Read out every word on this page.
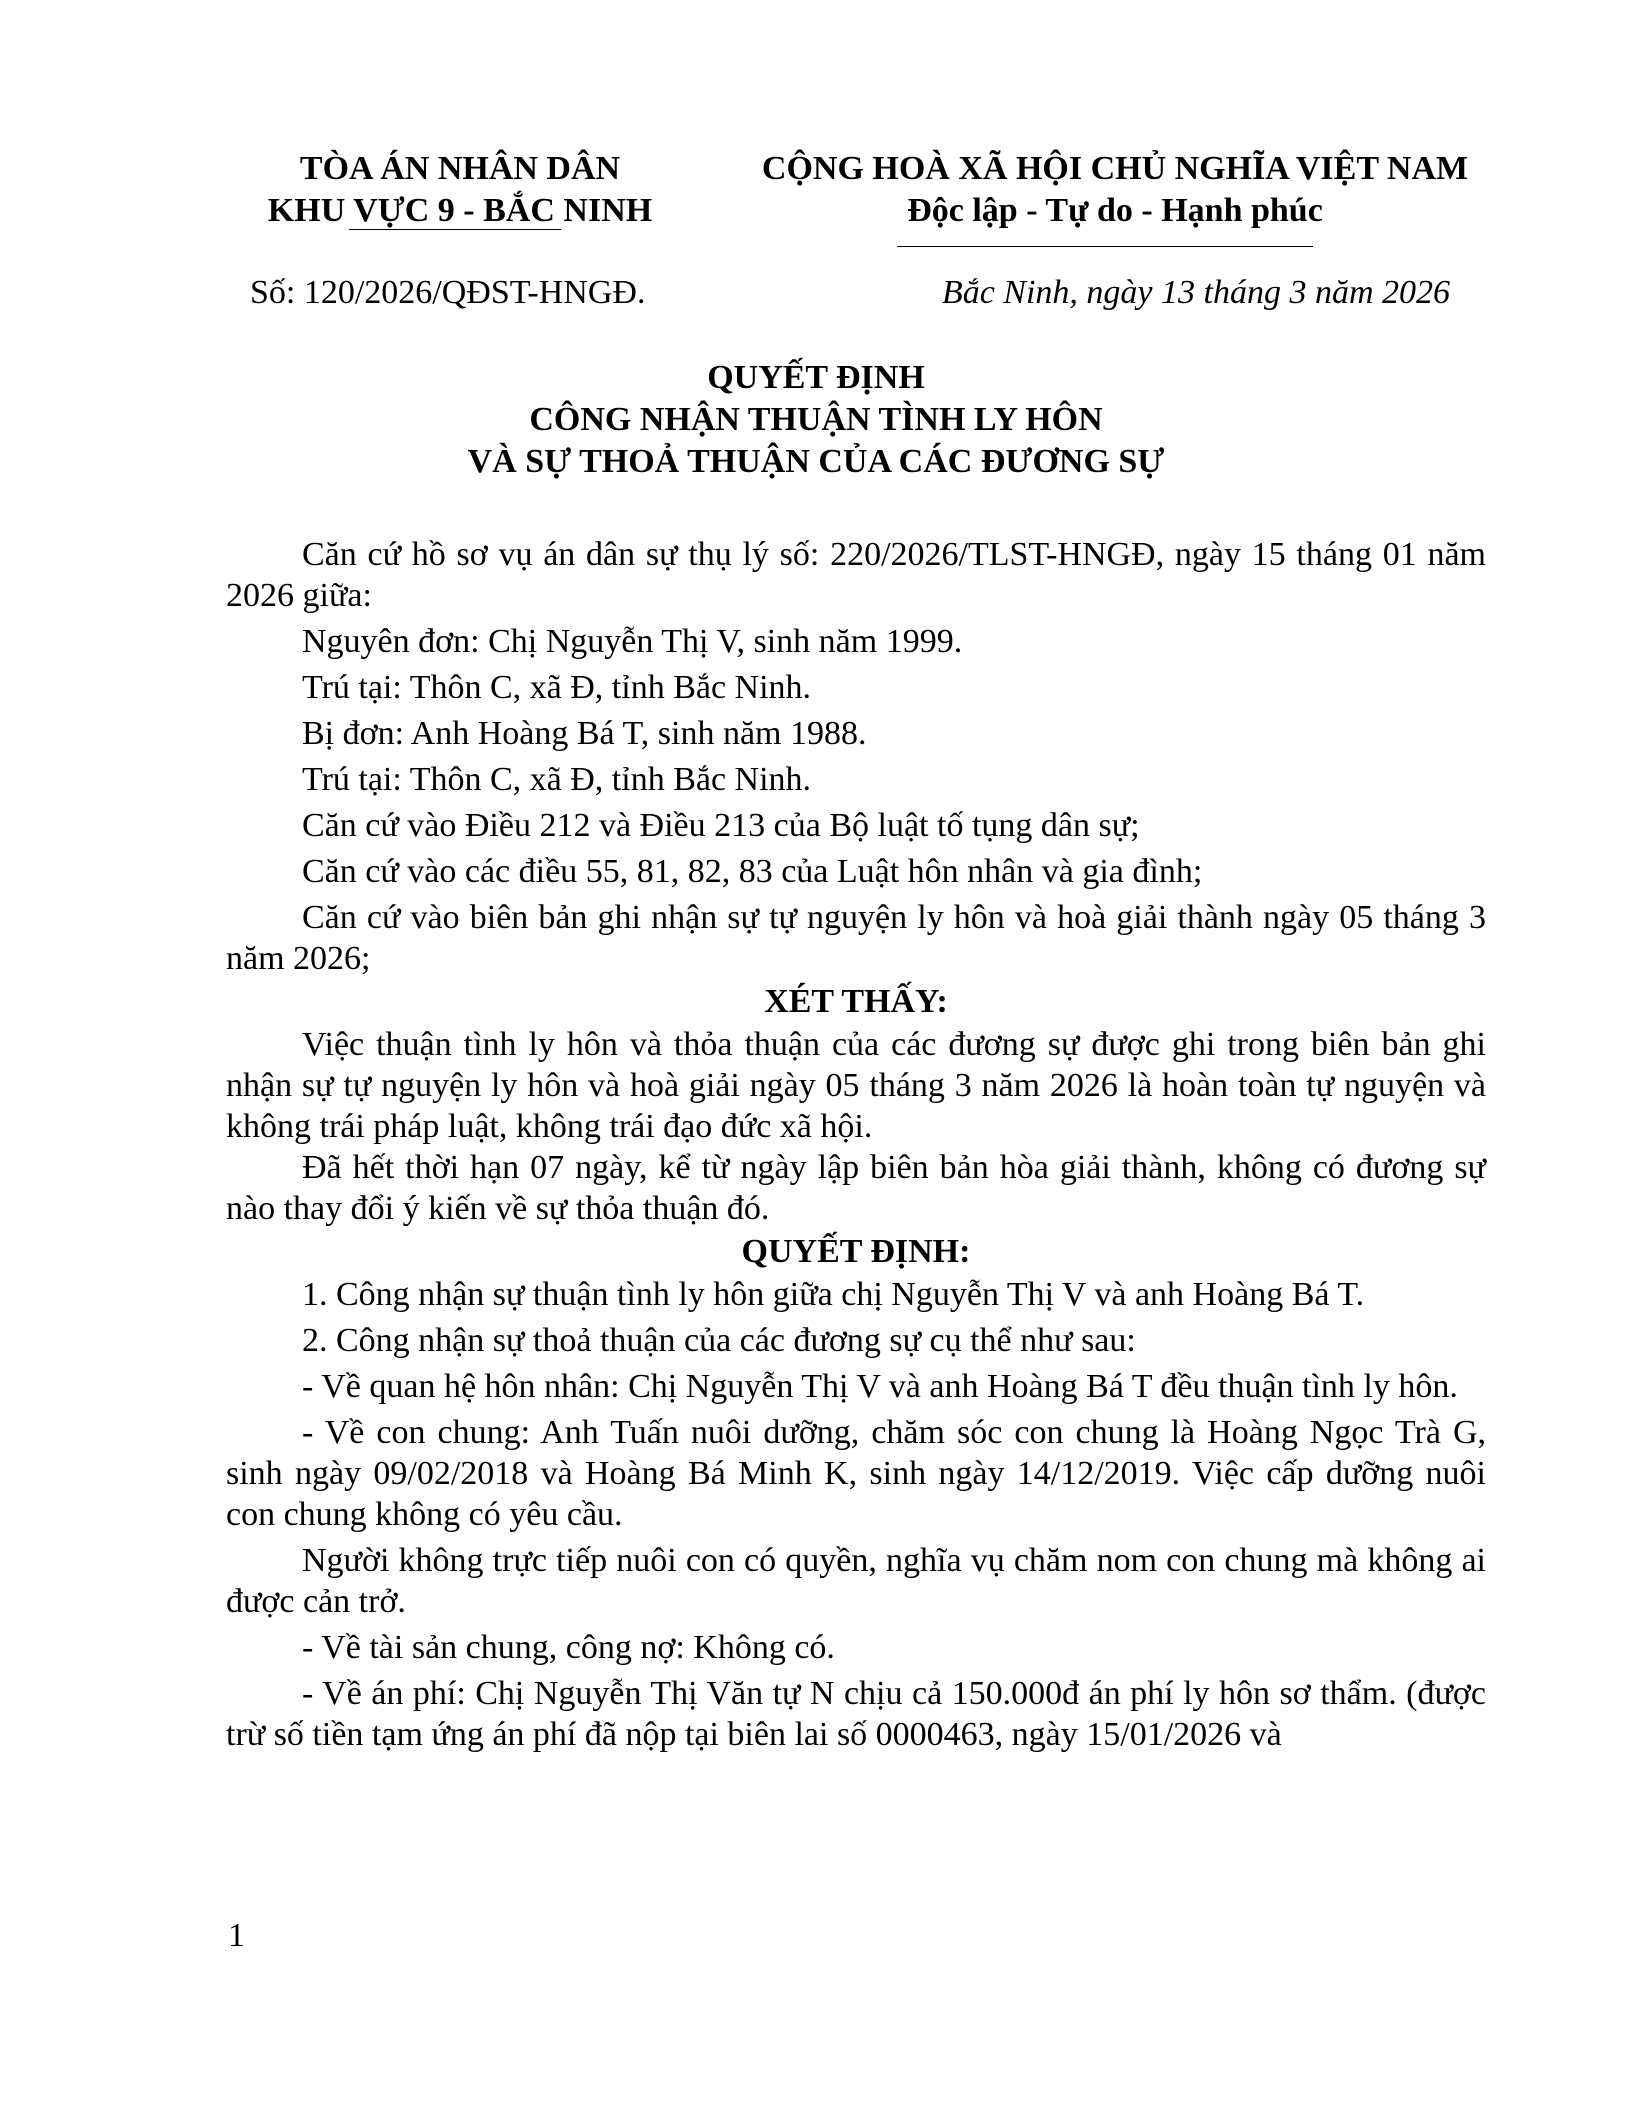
TÒA ÁN NHÂN DÂN
KHU VỰC 9 - BẮC NINH
CỘNG HOÀ XÃ HỘI CHỦ NGHĨA VIỆT NAM
Độc lập - Tự do - Hạnh phúc
Số: 120/2026/QĐST-HNGĐ.	Bắc Ninh, ngày 13 tháng 3 năm 2026
QUYẾT ĐỊNH
CÔNG NHẬN THUẬN TÌNH LY HÔN
VÀ SỰ THOẢ THUẬN CỦA CÁC ĐƯƠNG SỰ

Căn cứ hồ sơ vụ án dân sự thụ lý số: 220/2026/TLST-HNGĐ, ngày 15 tháng 01 năm 2026 giữa:

Nguyên đơn: Chị Nguyễn Thị V, sinh năm 1999.

Trú tại: Thôn C, xã Đ, tỉnh Bắc Ninh.

Bị đơn: Anh Hoàng Bá T, sinh năm 1988.

Trú tại: Thôn C, xã Đ, tỉnh Bắc Ninh.

Căn cứ vào Điều 212 và Điều 213 của Bộ luật tố tụng dân sự;

Căn cứ vào các điều 55, 81, 82, 83 của Luật hôn nhân và gia đình;

Căn cứ vào biên bản ghi nhận sự tự nguyện ly hôn và hoà giải thành ngày 05 tháng 3 năm 2026;

XÉT THẤY:

Việc thuận tình ly hôn và thỏa thuận của các đương sự được ghi trong biên bản ghi nhận sự tự nguyện ly hôn và hoà giải ngày 05 tháng 3 năm 2026 là hoàn toàn tự nguyện và không trái pháp luật, không trái đạo đức xã hội.

Đã hết thời hạn 07 ngày, kể từ ngày lập biên bản hòa giải thành, không có đương sự nào thay đổi ý kiến về sự thỏa thuận đó.

QUYẾT ĐỊNH:

1. Công nhận sự thuận tình ly hôn giữa chị Nguyễn Thị V và anh Hoàng Bá T.

2. Công nhận sự thoả thuận của các đương sự cụ thể như sau:

- Về quan hệ hôn nhân: Chị Nguyễn Thị V và anh Hoàng Bá T đều thuận tình ly hôn.

- Về con chung: Anh Tuấn nuôi dưỡng, chăm sóc con chung là Hoàng Ngọc Trà G, sinh ngày 09/02/2018 và Hoàng Bá Minh K, sinh ngày 14/12/2019. Việc cấp dưỡng nuôi con chung không có yêu cầu.

Người không trực tiếp nuôi con có quyền, nghĩa vụ chăm nom con chung mà không ai được cản trở.

- Về tài sản chung, công nợ: Không có.

- Về án phí: Chị Nguyễn Thị Văn tự N chịu cả 150.000đ án phí ly hôn sơ thẩm. (được trừ số tiền tạm ứng án phí đã nộp tại biên lai số 0000463, ngày 15/01/2026 và

1
